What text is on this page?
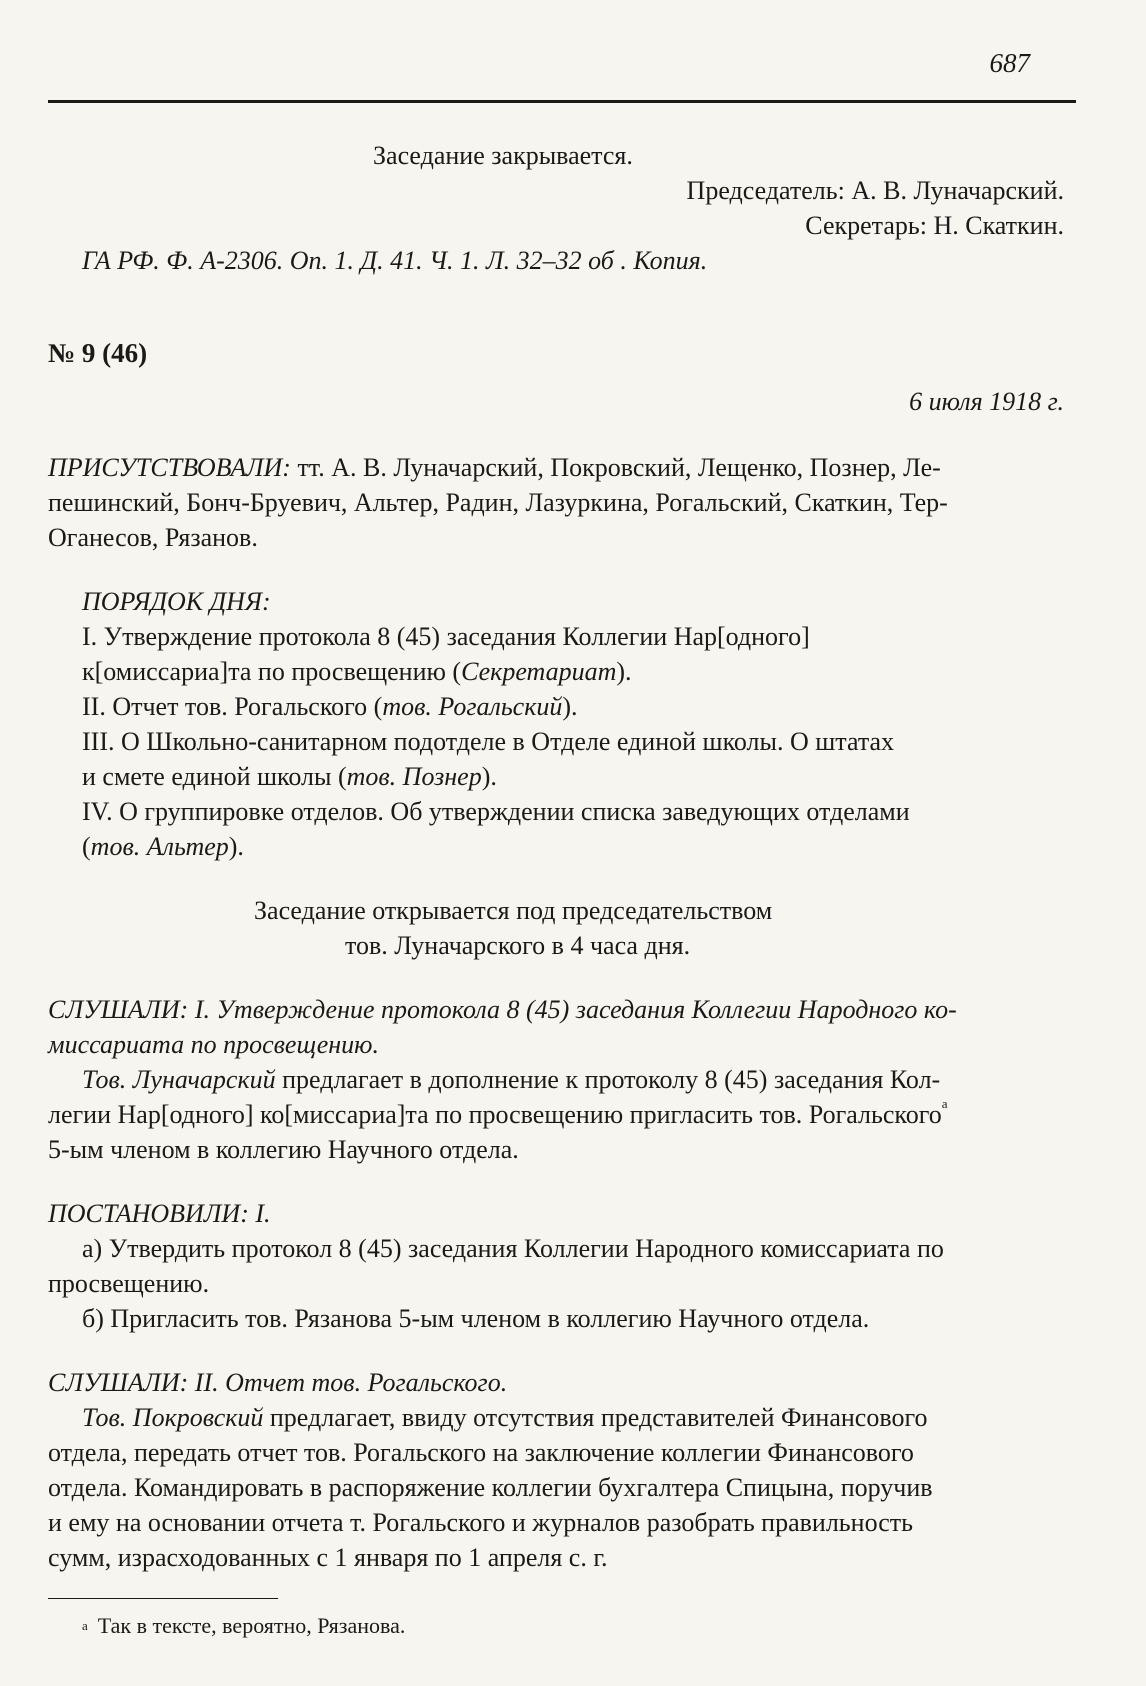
687
Заседание закрывается.
Председатель: А. В. Луначарский.
Секретарь: Н. Скаткин.
ГА РФ. Ф. А-2306. Оп. 1. Д. 41. Ч. 1. Л. 32–32 об . Копия.
№ 9 (46)
6 июля 1918 г.
ПРИСУТСТВОВАЛИ: тт. А. В. Луначарский, Покровский, Лещенко, Познер, Ле-
пешинский, Бонч-Бруевич, Альтер, Радин, Лазуркина, Рогальский, Скаткин, Тер-
Оганесов, Рязанов.
ПОРЯДОК ДНЯ:
I. Утверждение протокола 8 (45) заседания Коллегии Нар[одного]
к[омиссариа]та по просвещению (Секретариат).
II. Отчет тов. Рогальского (тов. Рогальский).
III. О Школьно-санитарном подотделе в Отделе единой школы. О штатах
и смете единой школы (тов. Познер).
IV. О группировке отделов. Об утверждении списка заведующих отделами
(тов. Альтер).
Заседание открывается под председательством
тов. Луначарского в 4 часа дня.
СЛУШАЛИ: I. Утверждение протокола 8 (45) заседания Коллегии Народного ко-
миссариата по просвещению.
Тов. Луначарский предлагает в дополнение к протоколу 8 (45) заседания Кол-
легии Нар[одного] ко[миссариа]та по просвещению пригласить тов. Рогальского$^а$
5-ым членом в коллегию Научного отдела.
ПОСТАНОВИЛИ: I.
а) Утвердить протокол 8 (45) заседания Коллегии Народного комиссариата по
просвещению.
б) Пригласить тов. Рязанова 5-ым членом в коллегию Научного отдела.
СЛУШАЛИ: II. Отчет тов. Рогальского.
Тов. Покровский предлагает, ввиду отсутствия представителей Финансового
отдела, передать отчет тов. Рогальского на заключение коллегии Финансового
отдела. Командировать в распоряжение коллегии бухгалтера Спицына, поручив
и ему на основании отчета т. Рогальского и журналов разобрать правильность
сумм, израсходованных с 1 января по 1 апреля с. г.
$^а$ Так в тексте, вероятно, Рязанова.
